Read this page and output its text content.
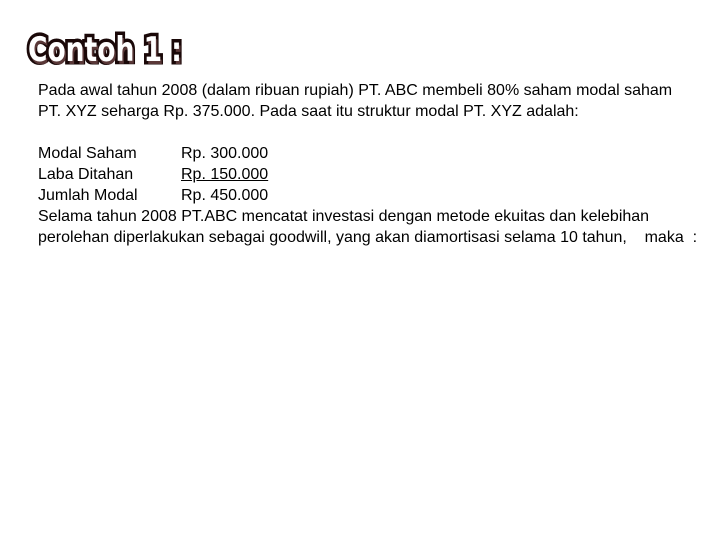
Contoh 1 :

Pada awal tahun 2008 (dalam ribuan rupiah) PT. ABC membeli 80% saham modal saham   PT. XYZ seharga Rp. 375.000. Pada saat itu struktur modal PT. XYZ adalah:

Modal Saham	Rp. 300.000
Laba Ditahan	Rp. 150.000
Jumlah Modal	Rp. 450.000

Selama tahun 2008 PT.ABC mencatat investasi dengan metode ekuitas dan kelebihan perolehan diperlakukan sebagai goodwill, yang akan diamortisasi selama 10 tahun,    maka  :
